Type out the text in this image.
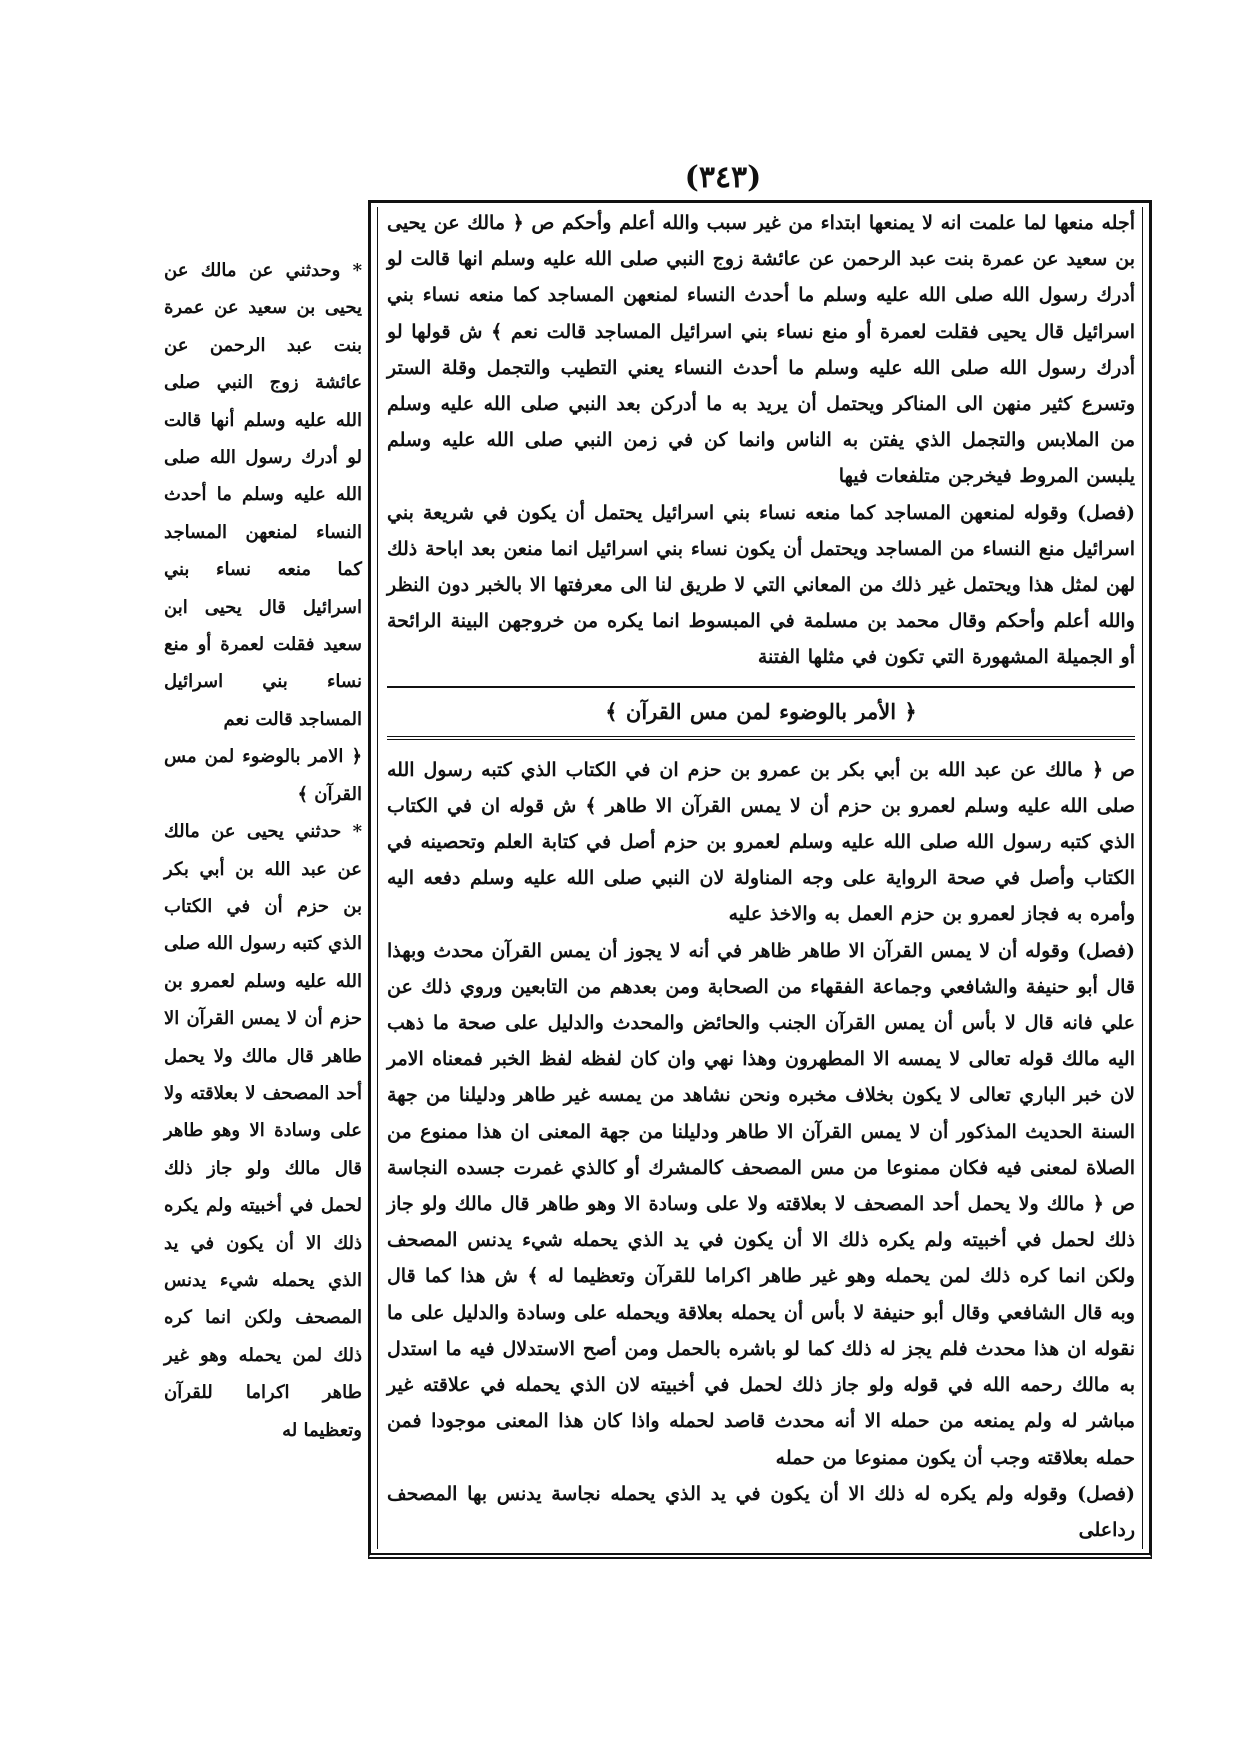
(٣٤٣)

* وحدثني عن مالك عن يحيى بن سعيد عن عمرة بنت عبد الرحمن عن عائشة زوج النبي صلى الله عليه وسلم أنها قالت لو أدرك رسول الله صلى الله عليه وسلم ما أحدث النساء لمنعهن المساجد كما منعه نساء بني اسرائيل قال يحيى ابن سعيد فقلت لعمرة أو منع نساء بني اسرائيل المساجد قالت نعم

﴿ الامر بالوضوء لمن مس القرآن ﴾

* حدثني يحيى عن مالك عن عبد الله بن أبي بكر بن حزم أن في الكتاب الذي كتبه رسول الله صلى الله عليه وسلم لعمرو بن حزم أن لا يمس القرآن الا طاهر قال مالك ولا يحمل أحد المصحف لا بعلاقته ولا على وسادة الا وهو طاهر قال مالك ولو جاز ذلك لحمل في أخبيته ولم يكره ذلك الا أن يكون في يد الذي يحمله شيء يدنس المصحف ولكن انما كره ذلك لمن يحمله وهو غير طاهر اكراما للقرآن وتعظيما له

أجله منعها لما علمت انه لا يمنعها ابتداء من غير سبب والله أعلم وأحكم ص ﴿ مالك عن يحيى بن سعيد عن عمرة بنت عبد الرحمن عن عائشة زوج النبي صلى الله عليه وسلم انها قالت لو أدرك رسول الله صلى الله عليه وسلم ما أحدث النساء لمنعهن المساجد كما منعه نساء بني اسرائيل قال يحيى فقلت لعمرة أو منع نساء بني اسرائيل المساجد قالت نعم ﴾ ش قولها لو أدرك رسول الله صلى الله عليه وسلم ما أحدث النساء يعني التطيب والتجمل وقلة الستر وتسرع كثير منهن الى المناكر ويحتمل أن يريد به ما أدركن بعد النبي صلى الله عليه وسلم من الملابس والتجمل الذي يفتن به الناس وانما كن في زمن النبي صلى الله عليه وسلم يلبسن المروط فيخرجن متلفعات فيها

(فصل) وقوله لمنعهن المساجد كما منعه نساء بني اسرائيل يحتمل أن يكون في شريعة بني اسرائيل منع النساء من المساجد ويحتمل أن يكون نساء بني اسرائيل انما منعن بعد اباحة ذلك لهن لمثل هذا ويحتمل غير ذلك من المعاني التي لا طريق لنا الى معرفتها الا بالخبر دون النظر والله أعلم وأحكم وقال محمد بن مسلمة في المبسوط انما يكره من خروجهن البينة الرائحة أو الجميلة المشهورة التي تكون في مثلها الفتنة

﴿ الأمر بالوضوء لمن مس القرآن ﴾

ص ﴿ مالك عن عبد الله بن أبي بكر بن عمرو بن حزم ان في الكتاب الذي كتبه رسول الله صلى الله عليه وسلم لعمرو بن حزم أن لا يمس القرآن الا طاهر ﴾ ش قوله ان في الكتاب الذي كتبه رسول الله صلى الله عليه وسلم لعمرو بن حزم أصل في كتابة العلم وتحصينه في الكتاب وأصل في صحة الرواية على وجه المناولة لان النبي صلى الله عليه وسلم دفعه اليه وأمره به فجاز لعمرو بن حزم العمل به والاخذ عليه

(فصل) وقوله أن لا يمس القرآن الا طاهر ظاهر في أنه لا يجوز أن يمس القرآن محدث وبهذا قال أبو حنيفة والشافعي وجماعة الفقهاء من الصحابة ومن بعدهم من التابعين وروي ذلك عن علي فانه قال لا بأس أن يمس القرآن الجنب والحائض والمحدث والدليل على صحة ما ذهب اليه مالك قوله تعالى لا يمسه الا المطهرون وهذا نهي وان كان لفظه لفظ الخبر فمعناه الامر لان خبر الباري تعالى لا يكون بخلاف مخبره ونحن نشاهد من يمسه غير طاهر ودليلنا من جهة السنة الحديث المذكور أن لا يمس القرآن الا طاهر ودليلنا من جهة المعنى ان هذا ممنوع من الصلاة لمعنى فيه فكان ممنوعا من مس المصحف كالمشرك أو كالذي غمرت جسده النجاسة ص ﴿ مالك ولا يحمل أحد المصحف لا بعلاقته ولا على وسادة الا وهو طاهر قال مالك ولو جاز ذلك لحمل في أخبيته ولم يكره ذلك الا أن يكون في يد الذي يحمله شيء يدنس المصحف ولكن انما كره ذلك لمن يحمله وهو غير طاهر اكراما للقرآن وتعظيما له ﴾ ش هذا كما قال وبه قال الشافعي وقال أبو حنيفة لا بأس أن يحمله بعلاقة ويحمله على وسادة والدليل على ما نقوله ان هذا محدث فلم يجز له ذلك كما لو باشره بالحمل ومن أصح الاستدلال فيه ما استدل به مالك رحمه الله في قوله ولو جاز ذلك لحمل في أخبيته لان الذي يحمله في علاقته غير مباشر له ولم يمنعه من حمله الا أنه محدث قاصد لحمله واذا كان هذا المعنى موجودا فمن حمله بعلاقته وجب أن يكون ممنوعا من حمله

(فصل) وقوله ولم يكره له ذلك الا أن يكون في يد الذي يحمله نجاسة يدنس بها المصحف رداعلى
